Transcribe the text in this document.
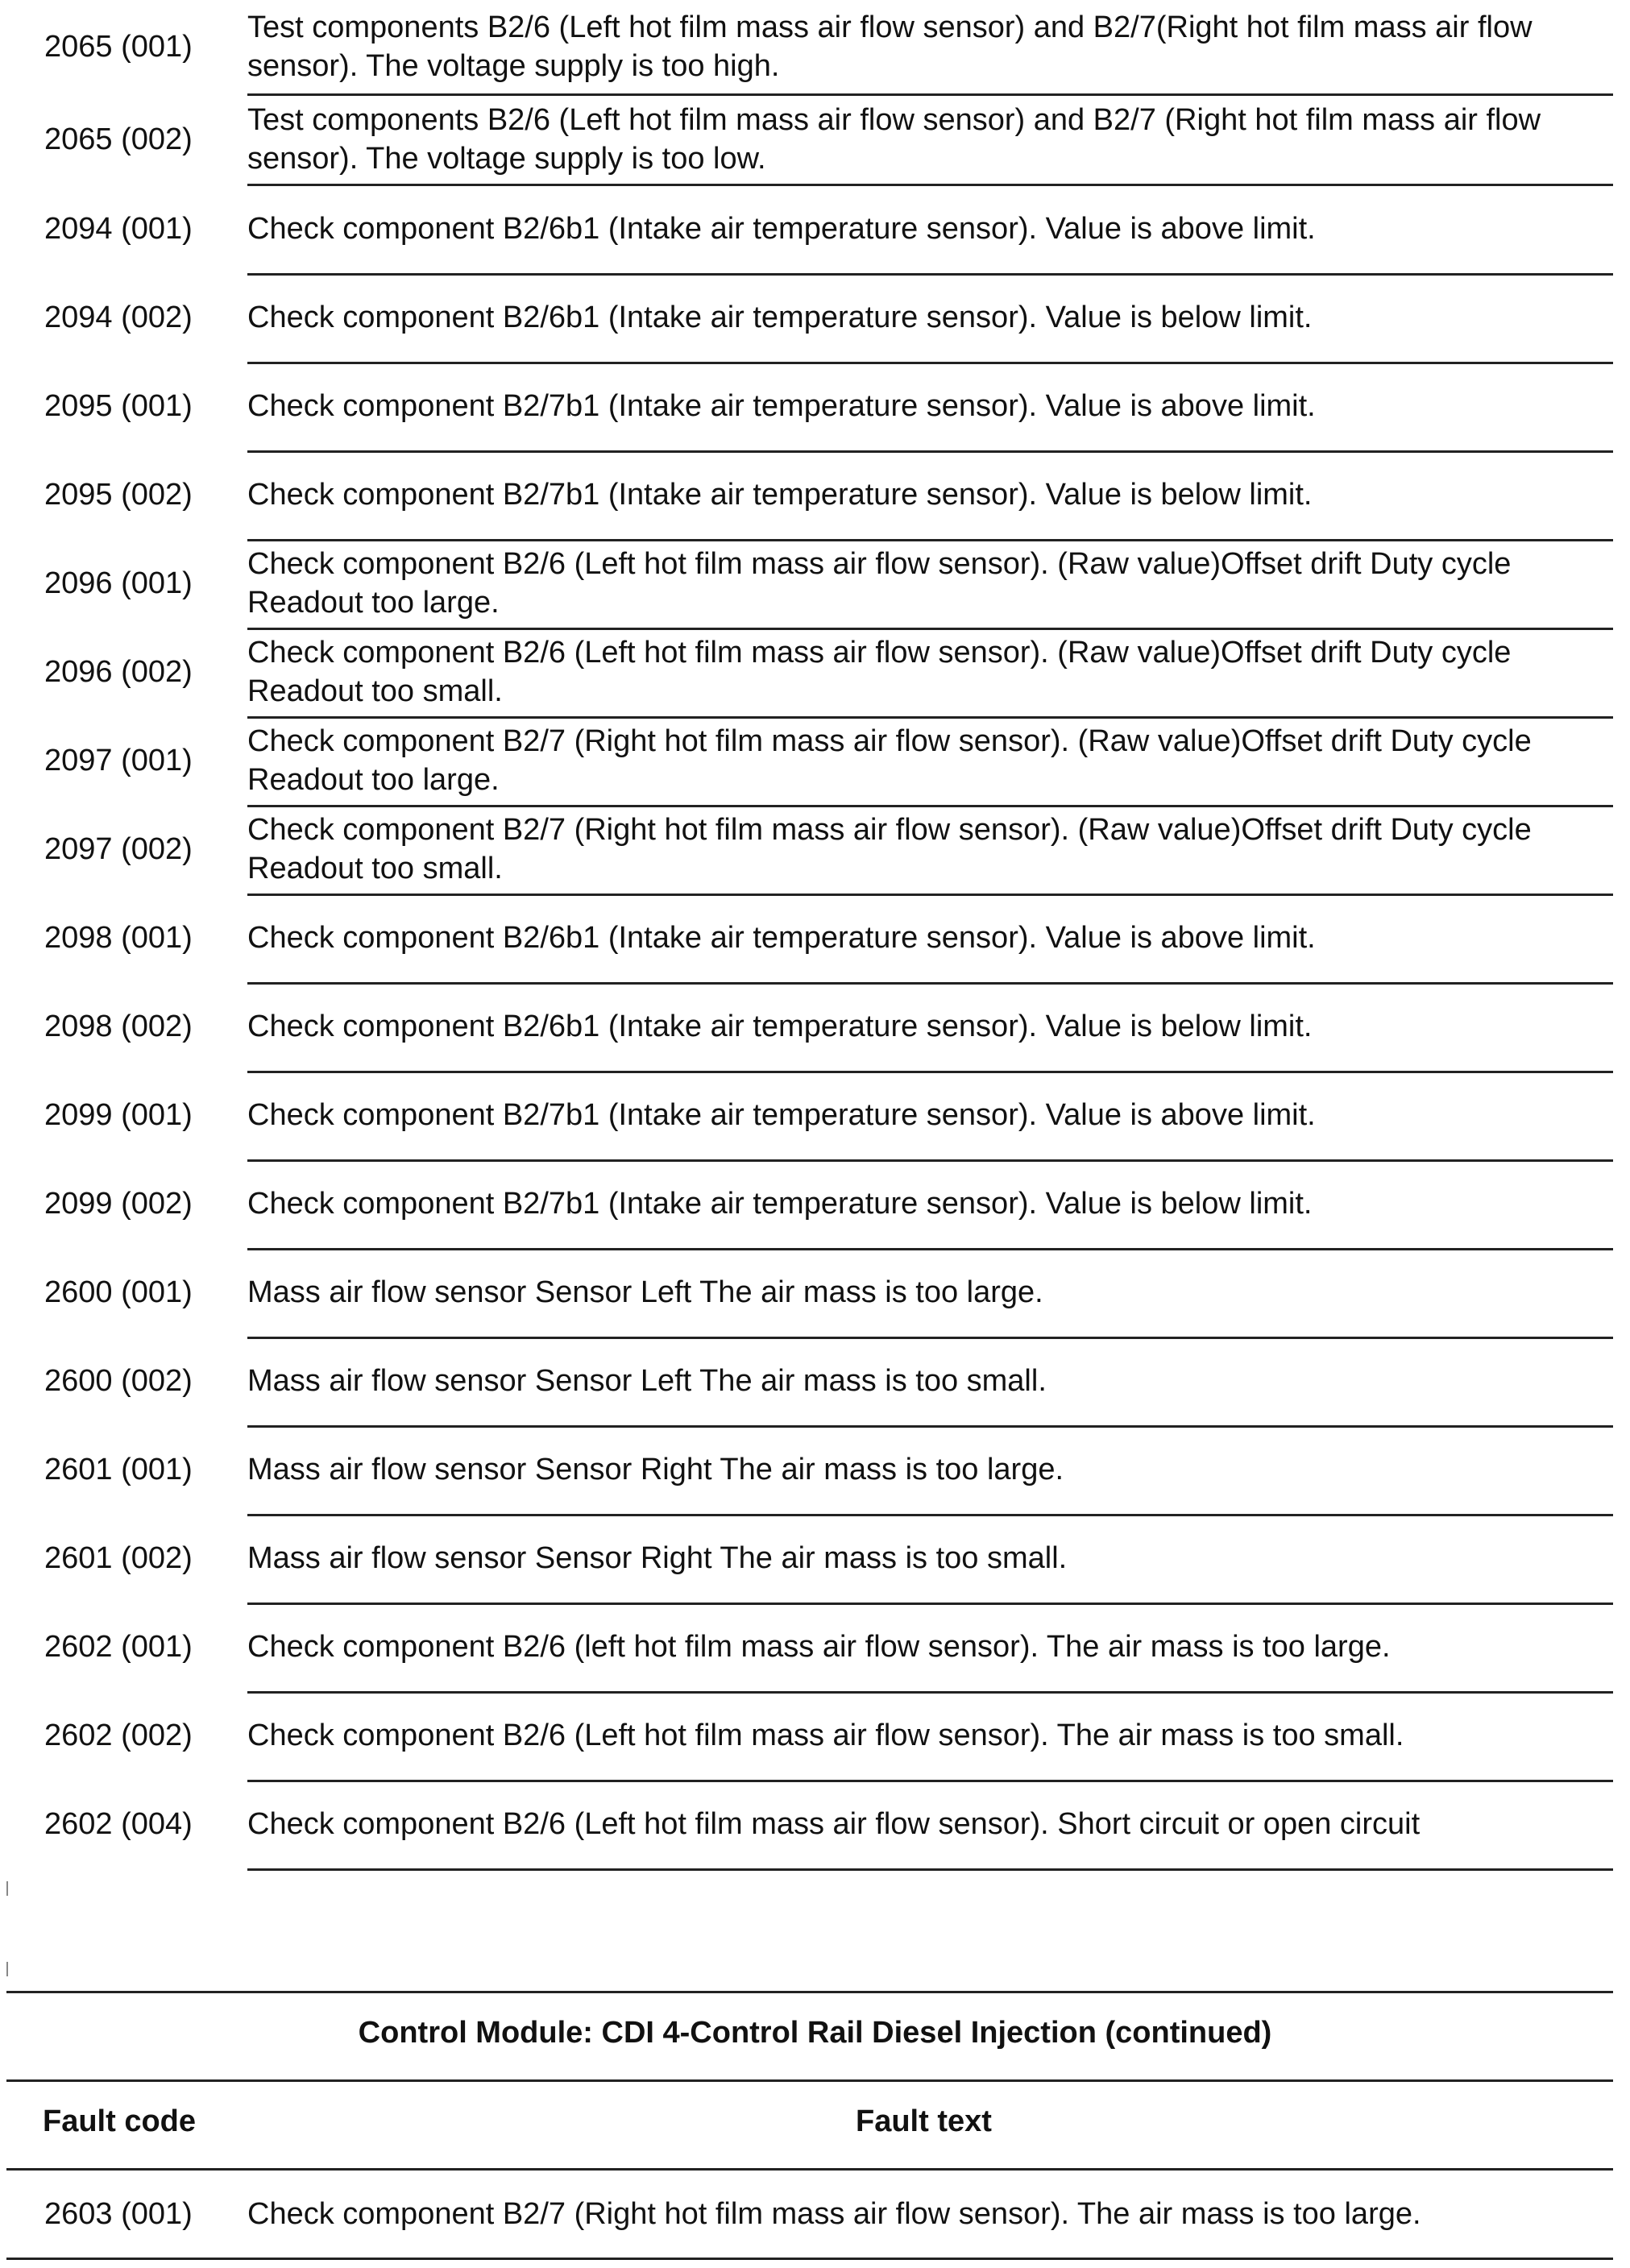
2065 (001)
Test components B2/6 (Left hot film mass air flow sensor) and B2/7(Right hot film mass air flow sensor). The voltage supply is too high.
2065 (002)
Test components B2/6 (Left hot film mass air flow sensor) and B2/7 (Right hot film mass air flow sensor). The voltage supply is too low.
2094 (001) Check component B2/6b1 (Intake air temperature sensor). Value is above limit.
2094 (002) Check component B2/6b1 (Intake air temperature sensor). Value is below limit.
2095 (001) Check component B2/7b1 (Intake air temperature sensor). Value is above limit.
2095 (002) Check component B2/7b1 (Intake air temperature sensor). Value is below limit.
2096 (001)
Check component B2/6 (Left hot film mass air flow sensor). (Raw value)Offset drift Duty cycle Readout too large.
2096 (002)
Check component B2/6 (Left hot film mass air flow sensor). (Raw value)Offset drift Duty cycle Readout too small.
2097 (001)
Check component B2/7 (Right hot film mass air flow sensor). (Raw value)Offset drift Duty cycle Readout too large.
2097 (002)
Check component B2/7 (Right hot film mass air flow sensor). (Raw value)Offset drift Duty cycle Readout too small.
2098 (001) Check component B2/6b1 (Intake air temperature sensor). Value is above limit.
2098 (002) Check component B2/6b1 (Intake air temperature sensor). Value is below limit.
2099 (001) Check component B2/7b1 (Intake air temperature sensor). Value is above limit.
2099 (002) Check component B2/7b1 (Intake air temperature sensor). Value is below limit.
2600 (001) Mass air flow sensor Sensor Left The air mass is too large.
2600 (002) Mass air flow sensor Sensor Left The air mass is too small.
2601 (001) Mass air flow sensor Sensor Right The air mass is too large.
2601 (002) Mass air flow sensor Sensor Right The air mass is too small.
2602 (001) Check component B2/6 (left hot film mass air flow sensor). The air mass is too large.
2602 (002) Check component B2/6 (Left hot film mass air flow sensor). The air mass is too small.
2602 (004) Check component B2/6 (Left hot film mass air flow sensor). Short circuit or open circuit
Control Module: CDI 4-Control Rail Diesel Injection (continued)
Fault code	Fault text
2603 (001) Check component B2/7 (Right hot film mass air flow sensor). The air mass is too large.
